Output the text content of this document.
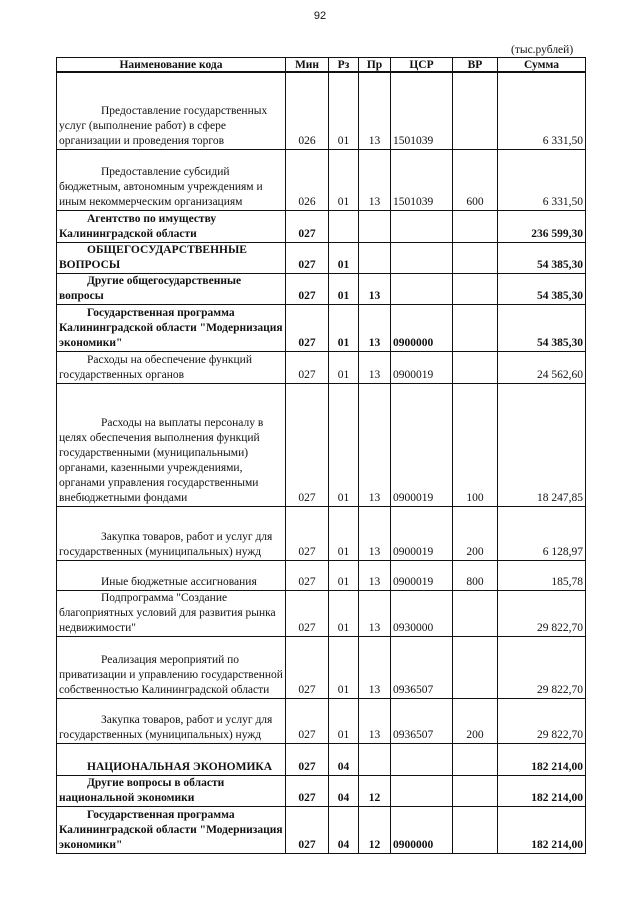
92
(тыс.рублей)
Наименование кода	Мин	Рз	Пр	ЦСР	ВР	Сумма
Предоставление государственных услуг (выполнение работ) в сфере организации и проведения торгов	026	01	13	1501039		6 331,50
Предоставление субсидий бюджетным, автономным учреждениям и иным некоммерческим организациям	026	01	13	1501039	600	6 331,50
Агентство по имуществу Калининградской области	027					236 599,30
ОБЩЕГОСУДАРСТВЕННЫЕ ВОПРОСЫ	027	01				54 385,30
Другие общегосударственные вопросы	027	01	13			54 385,30
Государственная программа Калининградской области "Модернизация экономики"	027	01	13	0900000		54 385,30
Расходы на обеспечение функций государственных органов	027	01	13	0900019		24 562,60
Расходы на выплаты персоналу в целях обеспечения выполнения функций государственными (муниципальными) органами, казенными учреждениями, органами управления государственными внебюджетными фондами	027	01	13	0900019	100	18 247,85
Закупка товаров, работ и услуг для государственных (муниципальных) нужд	027	01	13	0900019	200	6 128,97
Иные бюджетные ассигнования	027	01	13	0900019	800	185,78
Подпрограмма "Создание благоприятных условий для развития рынка недвижимости"	027	01	13	0930000		29 822,70
Реализация мероприятий по приватизации и управлению государственной собственностью Калининградской области	027	01	13	0936507		29 822,70
Закупка товаров, работ и услуг для государственных (муниципальных) нужд	027	01	13	0936507	200	29 822,70
НАЦИОНАЛЬНАЯ ЭКОНОМИКА	027	04				182 214,00
Другие вопросы в области национальной экономики	027	04	12			182 214,00
Государственная программа Калининградской области "Модернизация экономики"	027	04	12	0900000		182 214,00
